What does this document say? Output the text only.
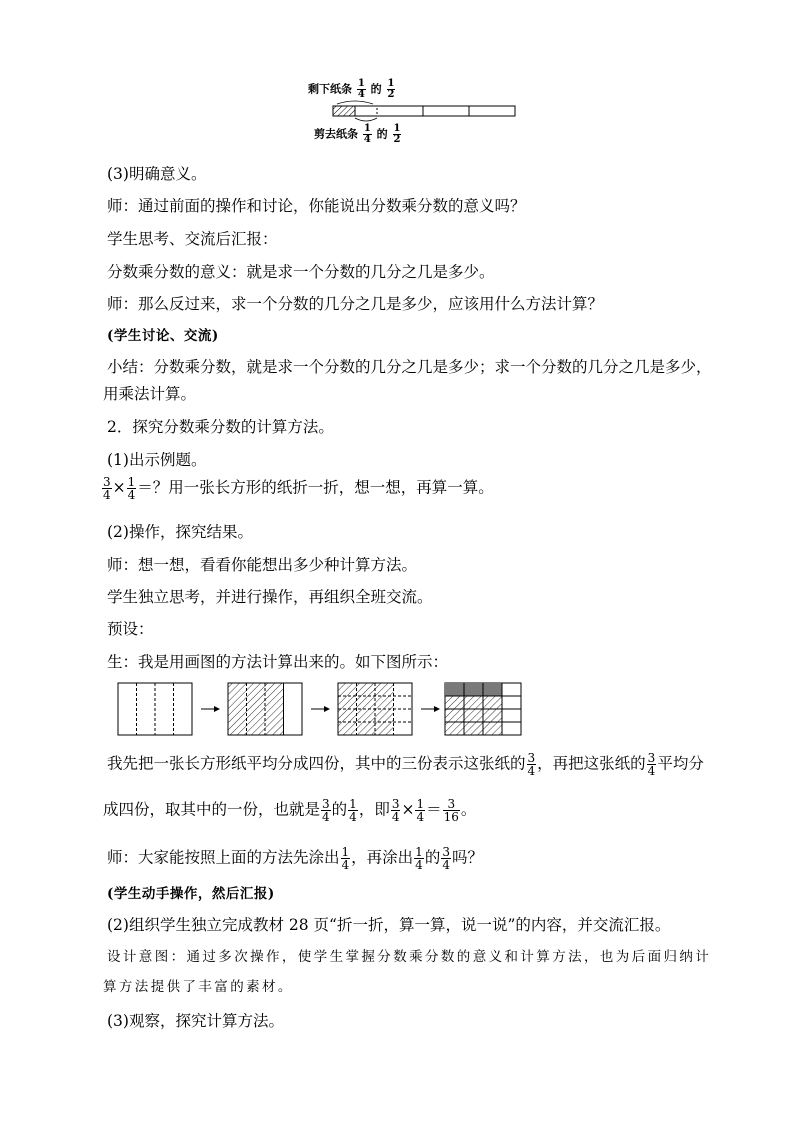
剩下纸条 $\frac{1}{4}$ 的 $\frac{1}{2}$
剪去纸条 $\frac{1}{4}$ 的 $\frac{1}{2}$
(3)明确意义。
师：通过前面的操作和讨论，你能说出分数乘分数的意义吗？
学生思考、交流后汇报：
分数乘分数的意义：就是求一个分数的几分之几是多少。
师：那么反过来，求一个分数的几分之几是多少，应该用什么方法计算？
(学生讨论、交流)
小结：分数乘分数，就是求一个分数的几分之几是多少；求一个分数的几分之几是多少，
用乘法计算。
2．探究分数乘分数的计算方法。
(1)出示例题。
$\frac{3}{4} \times \frac{1}{4}$ ＝？用一张长方形的纸折一折，想一想，再算一算。
(2)操作，探究结果。
师：想一想，看看你能想出多少种计算方法。
学生独立思考，并进行操作，再组织全班交流。
预设：
生：我是用画图的方法计算出来的。如下图所示：
我先把一张长方形纸平均分成四份，其中的三份表示这张纸的 $\frac{3}{4}$ ，再把这张纸的 $\frac{3}{4}$ 平均分
成四份，取其中的一份，也就是 $\frac{3}{4}$ 的 $\frac{1}{4}$ ，即 $\frac{3}{4} \times \frac{1}{4} = \frac{3}{16}$ 。
师：大家能按照上面的方法先涂出 $\frac{1}{4}$ ，再涂出 $\frac{1}{4}$ 的 $\frac{3}{4}$ 吗？
(学生动手操作，然后汇报)
(2)组织学生独立完成教材 28 页“折一折，算一算，说一说”的内容，并交流汇报。
设计意图：通过多次操作，使学生掌握分数乘分数的意义和计算方法，也为后面归纳计
算方法提供了丰富的素材。
(3)观察，探究计算方法。
